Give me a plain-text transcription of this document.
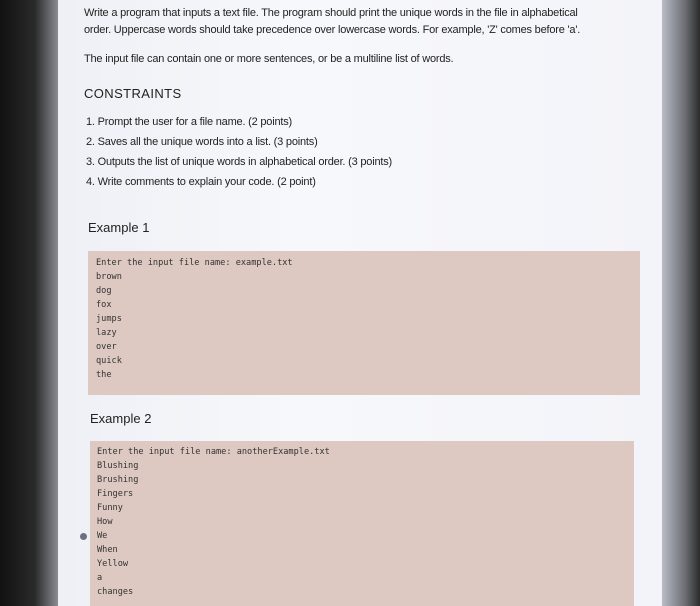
Write a program that inputs a text file. The program should print the unique words in the file in alphabetical
order. Uppercase words should take precedence over lowercase words. For example, 'Z' comes before 'a'.
The input file can contain one or more sentences, or be a multiline list of words.
CONSTRAINTS
1. Prompt the user for a file name. (2 points)
2. Saves all the unique words into a list. (3 points)
3. Outputs the list of unique words in alphabetical order. (3 points)
4. Write comments to explain your code. (2 point)
Example 1
Enter the input file name: example.txt
brown
dog
fox
jumps
lazy
over
quick
the
Example 2
Enter the input file name: anotherExample.txt
Blushing
Brushing
Fingers
Funny
How
We
When
Yellow
a
changes
